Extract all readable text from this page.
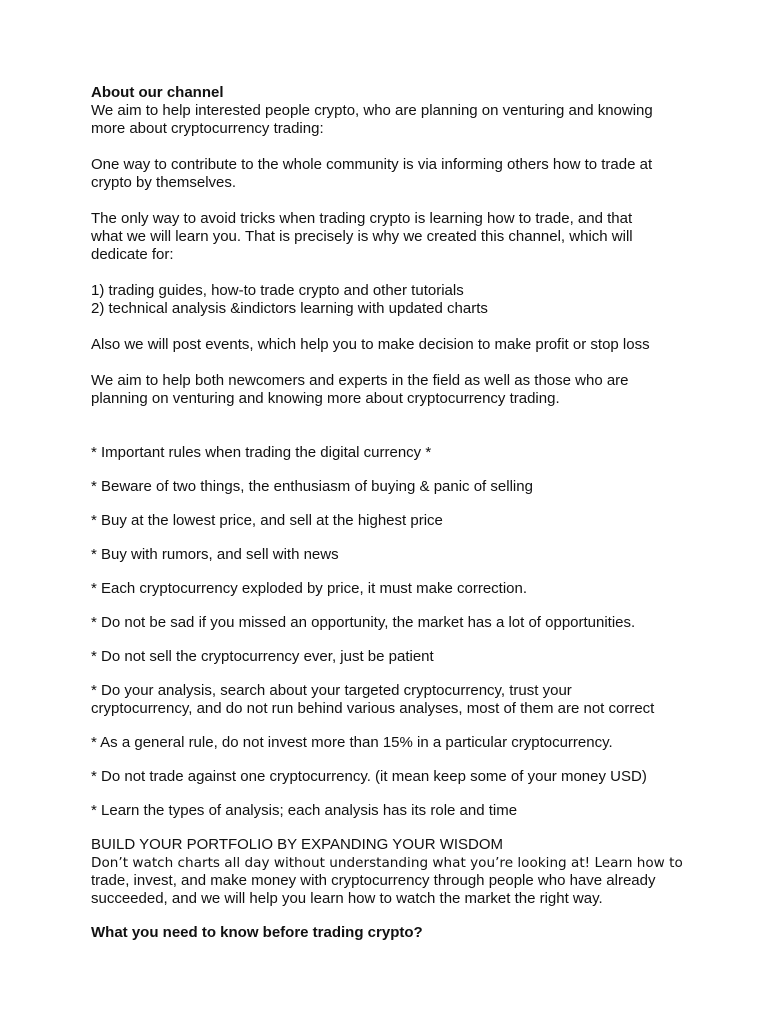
About our channel

We aim to help interested people crypto, who are planning on venturing and knowing

more about cryptocurrency trading:

One way to contribute to the whole community is via informing others how to trade at

crypto by themselves.

The only way to avoid tricks when trading crypto is learning how to trade, and that

what we will learn you. That is precisely is why we created this channel, which will

dedicate for:

1) trading guides, how-to trade crypto and other tutorials

2) technical analysis &indictors learning with updated charts

Also we will post events, which help you to make decision to make profit or stop loss

We aim to help both newcomers and experts in the field as well as those who are

planning on venturing and knowing more about cryptocurrency trading.

* Important rules when trading the digital currency *

* Beware of two things, the enthusiasm of buying & panic of selling

* Buy at the lowest price, and sell at the highest price

* Buy with rumors, and sell with news

* Each cryptocurrency exploded by price, it must make correction.

* Do not be sad if you missed an opportunity, the market has a lot of opportunities.

* Do not sell the cryptocurrency ever, just be patient

* Do your analysis, search about your targeted cryptocurrency, trust your

cryptocurrency, and do not run behind various analyses, most of them are not correct

* As a general rule, do not invest more than 15% in a particular cryptocurrency.

* Do not trade against one cryptocurrency. (it mean keep some of your money USD)

* Learn the types of analysis; each analysis has its role and time

BUILD YOUR PORTFOLIO BY EXPANDING YOUR WISDOM

Don’t watch charts all day without understanding what you’re looking at! Learn how to

trade, invest, and make money with cryptocurrency through people who have already

succeeded, and we will help you learn how to watch the market the right way.

What you need to know before trading crypto?
